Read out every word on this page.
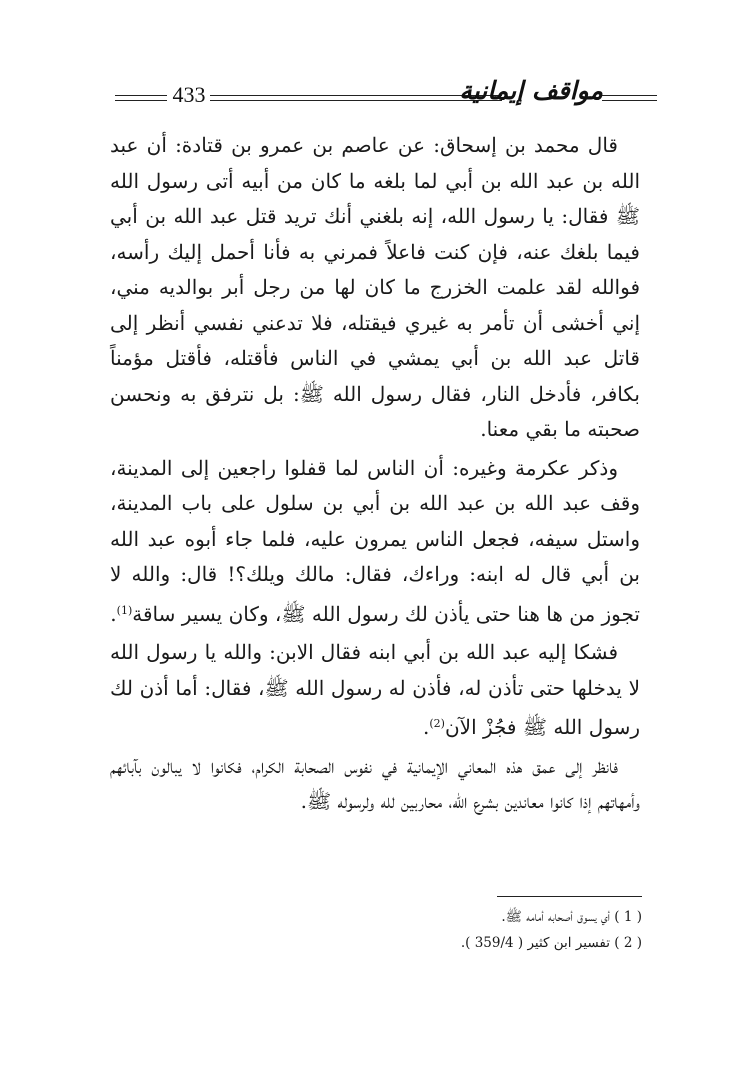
433	مواقف إيمانية

قال محمد بن إسحاق: عن عاصم بن عمرو بن قتادة: أن عبد الله بن عبد الله بن أبي لما بلغه ما كان من أبيه أتى رسول الله ﷺ فقال: يا رسول الله، إنه بلغني أنك تريد قتل عبد الله بن أبي فيما بلغك عنه، فإن كنت فاعلاً فمرني به فأنا أحمل إليك رأسه، فوالله لقد علمت الخزرج ما كان لها من رجل أبر بوالديه مني، إني أخشى أن تأمر به غيري فيقتله، فلا تدعني نفسي أنظر إلى قاتل عبد الله بن أبي يمشي في الناس فأقتله، فأقتل مؤمناً بكافر، فأدخل النار، فقال رسول الله ﷺ: بل نترفق به ونحسن صحبته ما بقي معنا.

وذكر عكرمة وغيره: أن الناس لما قفلوا راجعين إلى المدينة، وقف عبد الله بن عبد الله بن أبي بن سلول على باب المدينة، واستل سيفه، فجعل الناس يمرون عليه، فلما جاء أبوه عبد الله بن أبي قال له ابنه: وراءك، فقال: مالك ويلك؟! قال: والله لا تجوز من ها هنا حتى يأذن لك رسول الله ﷺ، وكان يسير ساقة$^{(1)}$.

فشكا إليه عبد الله بن أبي ابنه فقال الابن: والله يا رسول الله لا يدخلها حتى تأذن له، فأذن له رسول الله ﷺ، فقال: أما أذن لك رسول الله ﷺ فجُزْ الآن$^{(2)}$.

فانظر إلى عمق هذه المعاني الإيمانية في نفوس الصحابة الكرام، فكانوا لا يبالون بآبائهم وأمهاتهم إذا كانوا معاندين بشرع الله، محاربين لله ولرسوله ﷺ.

( 1 ) أي يسوق أصحابه أمامه ﷺ.
( 2 ) تفسير ابن كثير ( 359/4 ).
